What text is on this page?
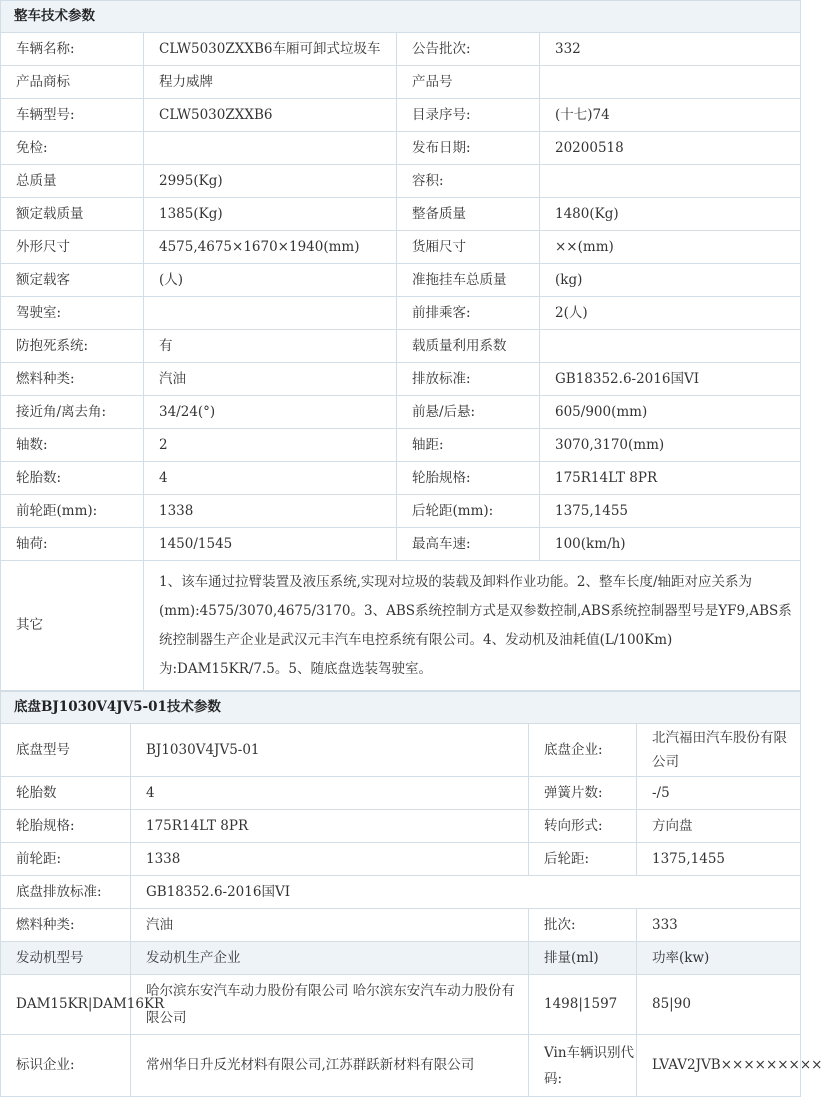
整车技术参数			
车辆名称:	CLW5030ZXXB6车厢可卸式垃圾车	公告批次:	332
产品商标	程力威牌	产品号	
车辆型号:	CLW5030ZXXB6	目录序号:	(十七)74
免检:		发布日期:	20200518
总质量	2995(Kg)	容积:	
额定载质量	1385(Kg)	整备质量	1480(Kg)
外形尺寸	4575,4675×1670×1940(mm)	货厢尺寸	××(mm)
额定载客	(人)	准拖挂车总质量	(kg)
驾驶室:		前排乘客:	2(人)
防抱死系统:	有	载质量利用系数	
燃料种类:	汽油	排放标准:	GB18352.6-2016国VI
接近角/离去角:	34/24(°)	前悬/后悬:	605/900(mm)
轴数:	2	轴距:	3070,3170(mm)
轮胎数:	4	轮胎规格:	175R14LT 8PR
前轮距(mm):	1338	后轮距(mm):	1375,1455
轴荷:	1450/1545	最高车速:	100(km/h)
其它	1、该车通过拉臂装置及液压系统,实现对垃圾的装载及卸料作业功能。2、整车长度/轴距对应关系为(mm):4575/3070,4675/3170。3、ABS系统控制方式是双参数控制,ABS系统控制器型号是YF9,ABS系统控制器生产企业是武汉元丰汽车电控系统有限公司。4、发动机及油耗值(L/100Km)为:DAM15KR/7.5。5、随底盘选装驾驶室。		
底盘BJ1030V4JV5-01技术参数			
底盘型号	BJ1030V4JV5-01	底盘企业:	北汽福田汽车股份有限公司
轮胎数	4	弹簧片数:	-/5
轮胎规格:	175R14LT 8PR	转向形式:	方向盘
前轮距:	1338	后轮距:	1375,1455
底盘排放标准:	GB18352.6-2016国VI		
燃料种类:	汽油	批次:	333
发动机型号	发动机生产企业	排量(ml)	功率(kw)
DAM15KR|DAM16KR	哈尔滨东安汽车动力股份有限公司 哈尔滨东安汽车动力股份有限公司	1498|1597	85|90
标识企业:	常州华日升反光材料有限公司,江苏群跃新材料有限公司	Vin车辆识别代码:	LVAV2JVB×××××××××
